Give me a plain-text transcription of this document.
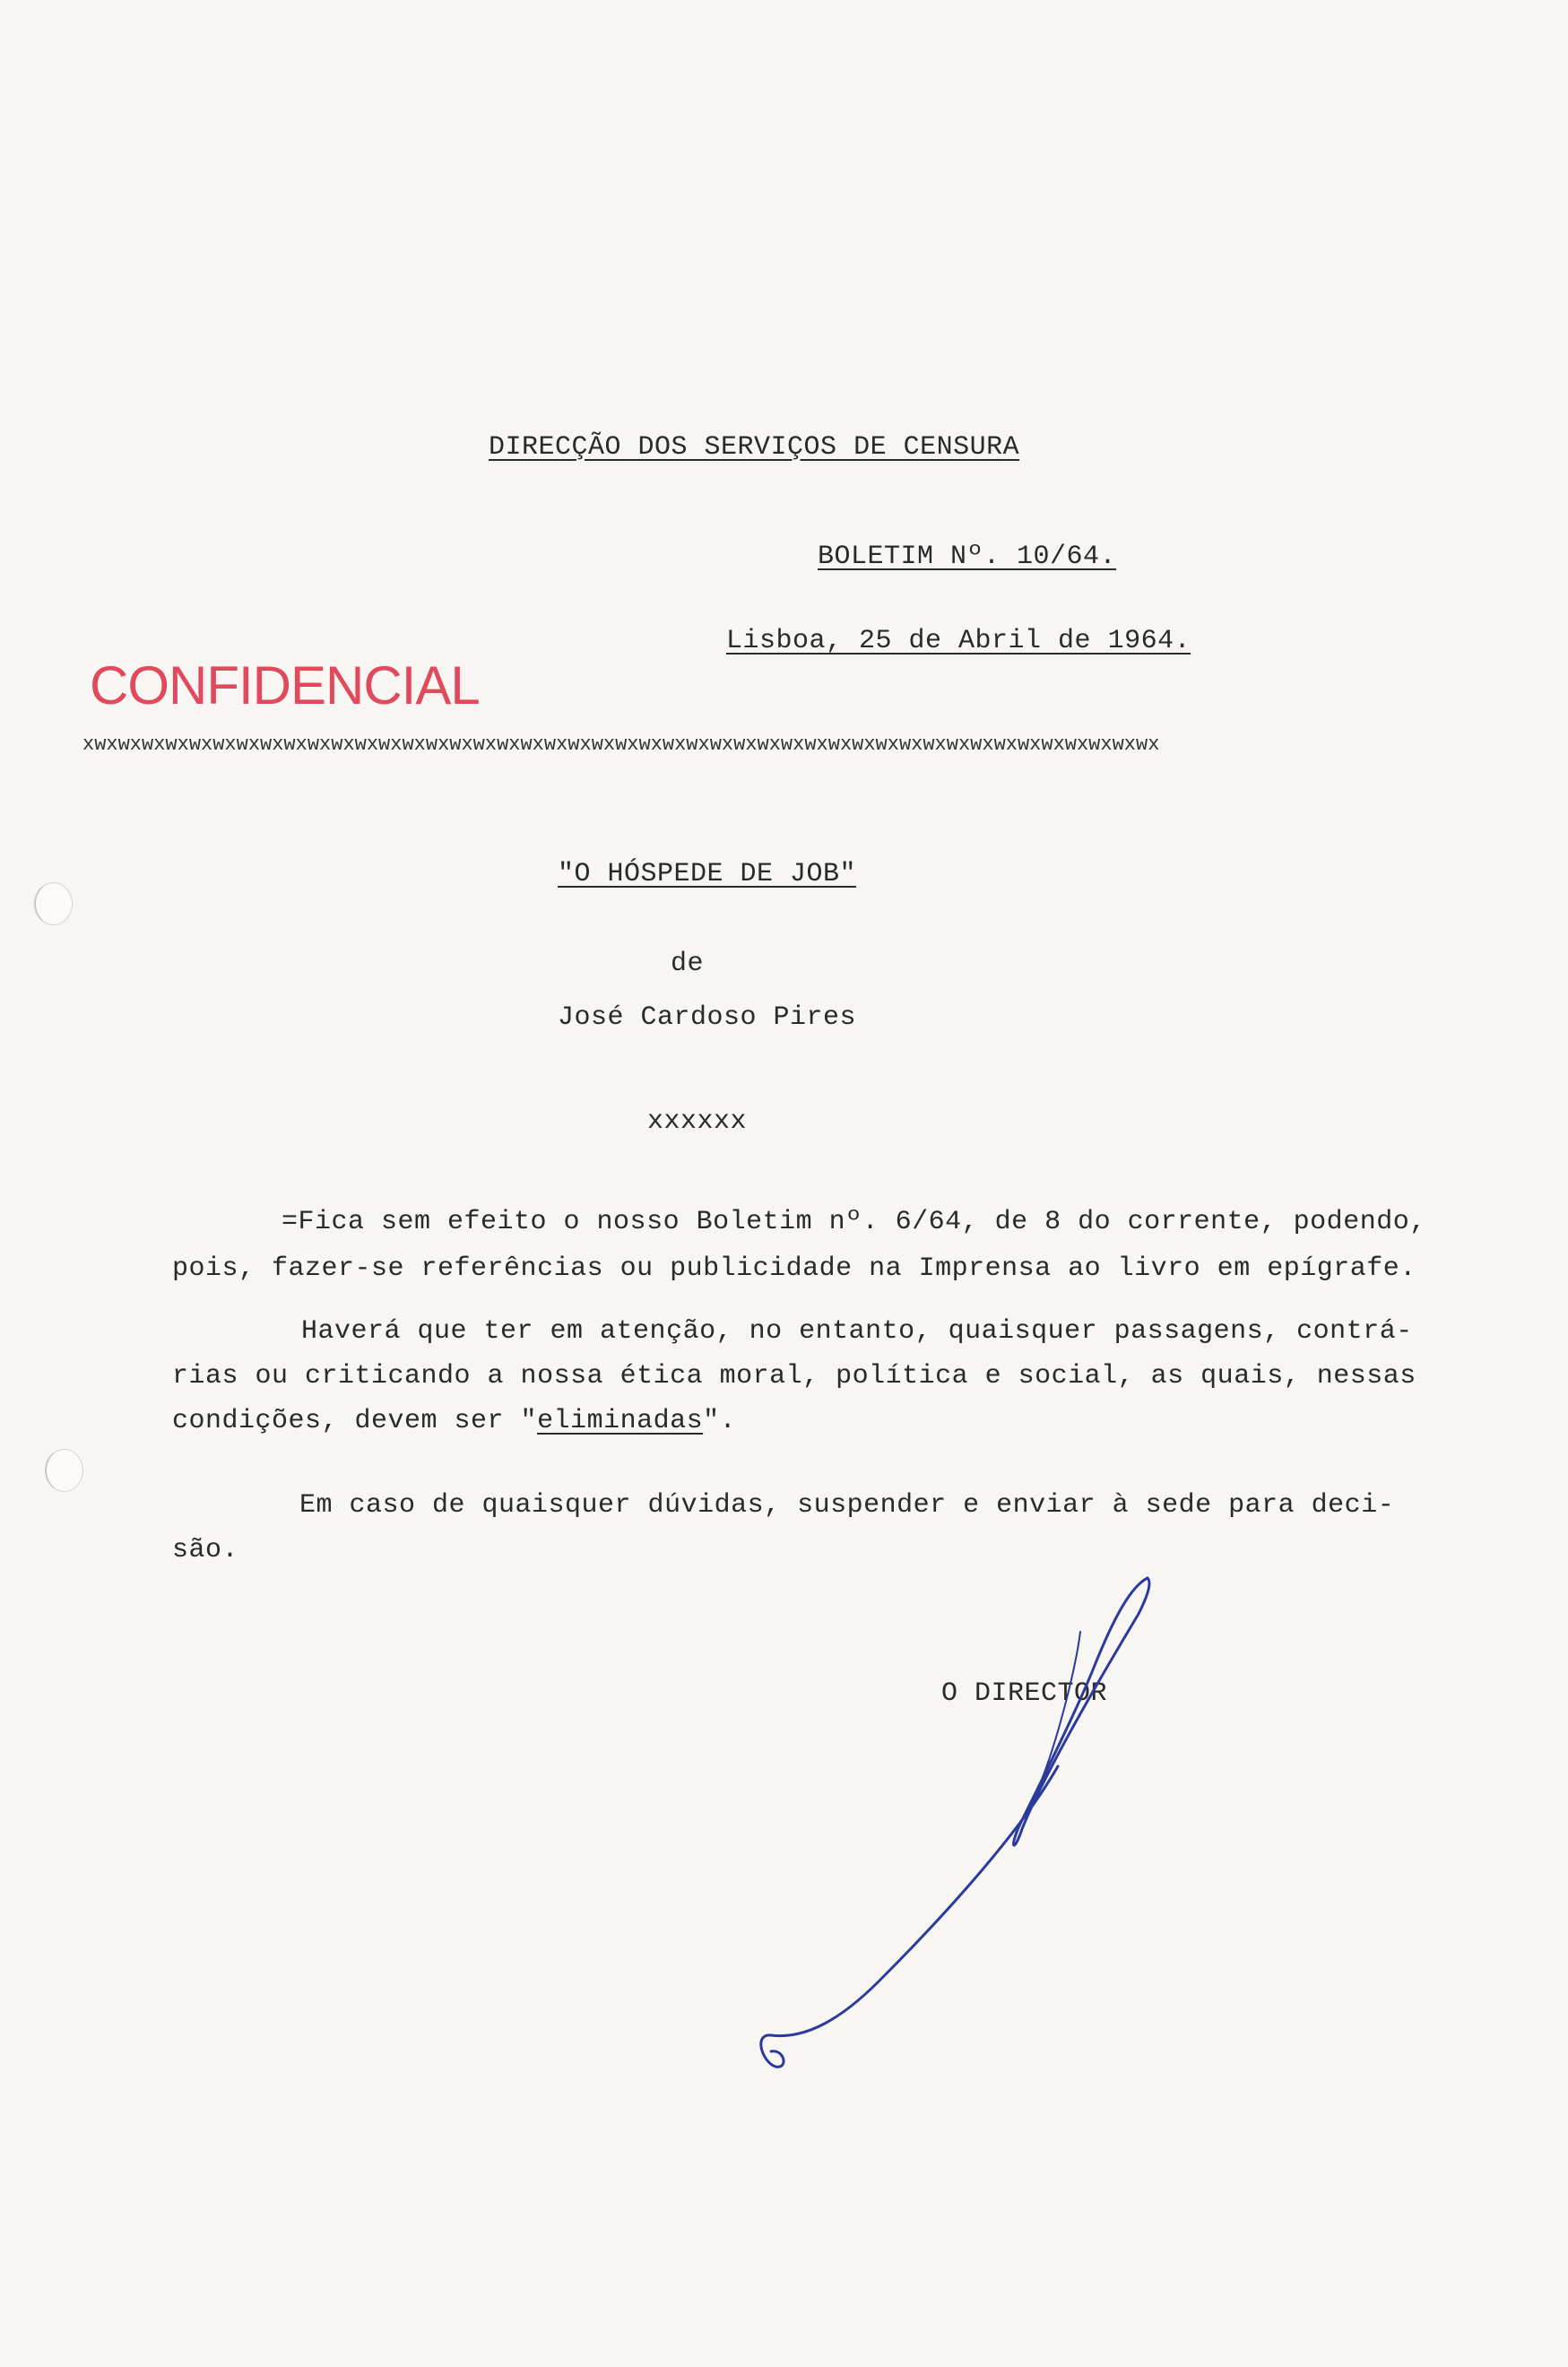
DIRECÇÃO DOS SERVIÇOS DE CENSURA
BOLETIM Nº. 10/64.
Lisboa, 25 de Abril de 1964.
CONFIDENCIAL
xwxwxwxwxwxwxwxwxwxwxwxwxwxwxwxwxwxwxwxwxwxwxwxwxwxwxwxwxwxwxwxwxwxwxwxwxwxwxwxwxwxwxwxwxwx
"O HÓSPEDE DE JOB"
de
José Cardoso Pires
xxxxxx
=Fica sem efeito o nosso Boletim nº. 6/64, de 8 do corrente, podendo,
pois, fazer-se referências ou publicidade na Imprensa ao livro em epígrafe.
Haverá que ter em atenção, no entanto, quaisquer passagens, contrá-
rias ou criticando a nossa ética moral, política e social, as quais, nessas
condições, devem ser "eliminadas".
Em caso de quaisquer dúvidas, suspender e enviar à sede para deci-
são.
O DIRECTOR
